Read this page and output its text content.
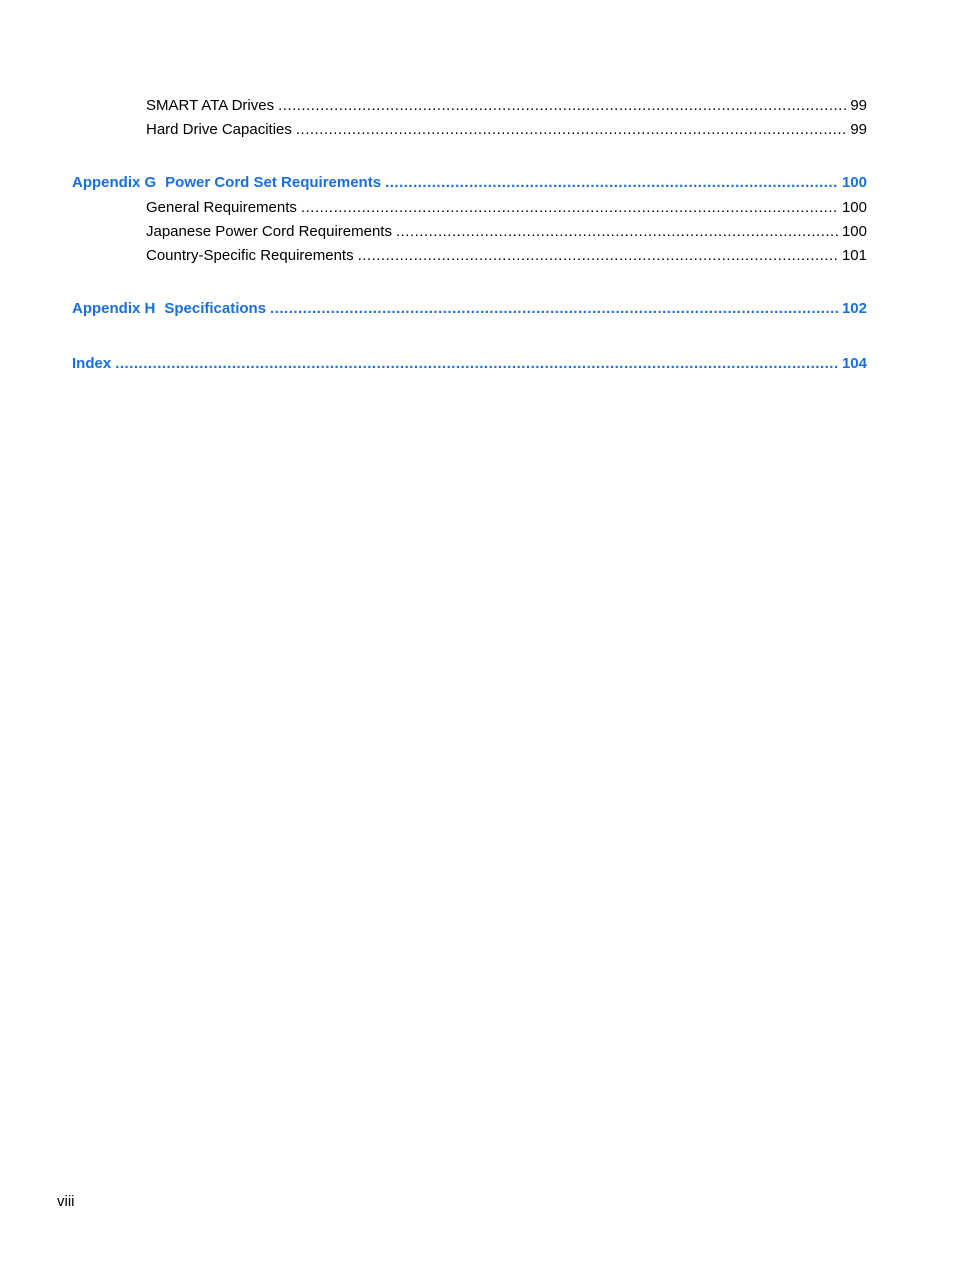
SMART ATA Drives .....	99
Hard Drive Capacities .....	99
Appendix G Power Cord Set Requirements .....	100
General Requirements .....	100
Japanese Power Cord Requirements .....	100
Country-Specific Requirements .....	101
Appendix H Specifications .....	102
Index .....	104
viii
